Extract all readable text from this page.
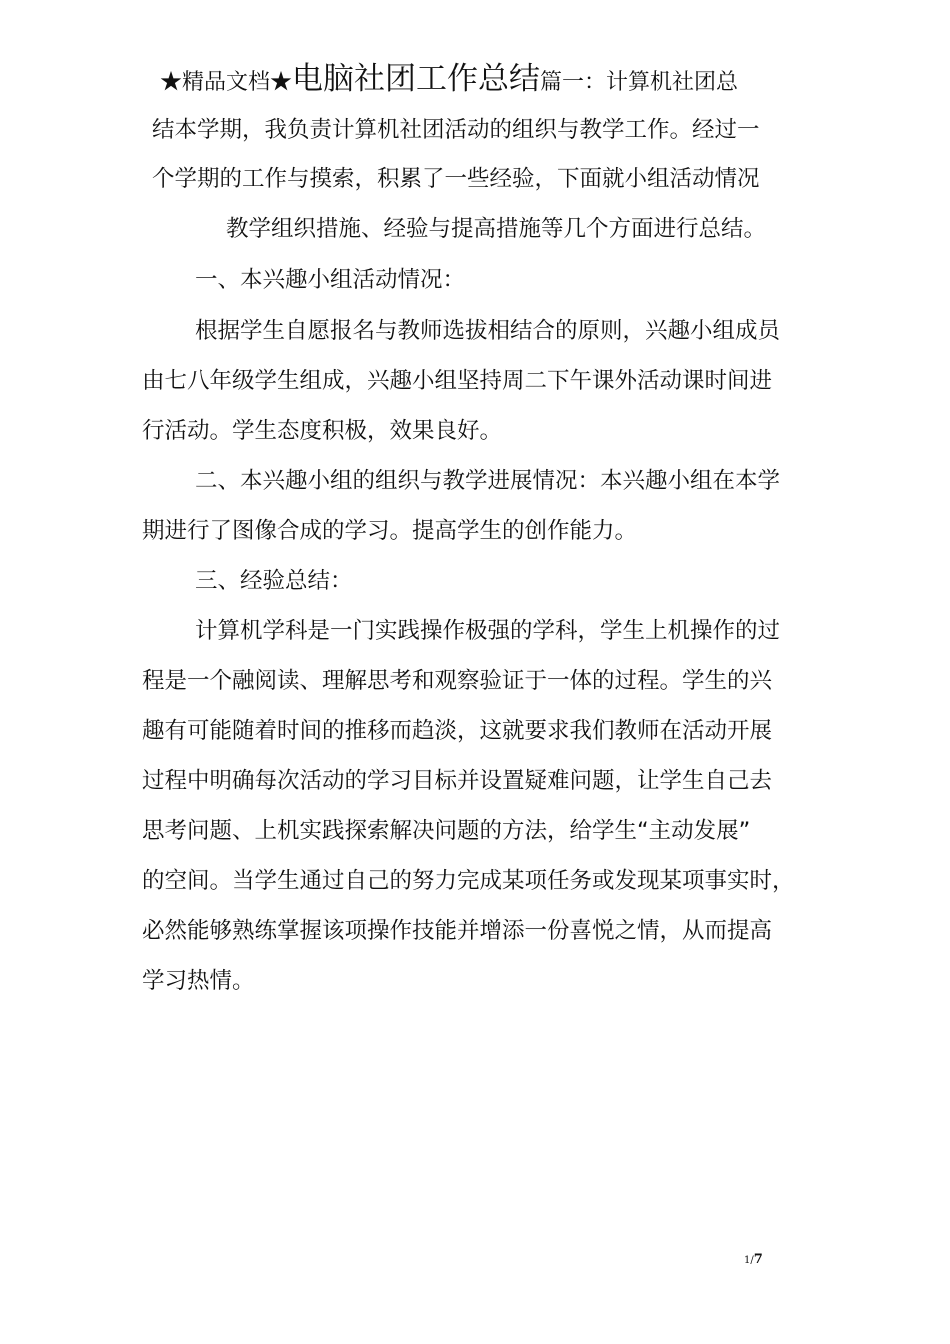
★精品文档★电脑社团工作总结篇一：计算机社团总
结本学期，我负责计算机社团活动的组织与教学工作。经过一
个学期的工作与摸索，积累了一些经验，下面就小组活动情况
教学组织措施、经验与提高措施等几个方面进行总结。
一、本兴趣小组活动情况：
根据学生自愿报名与教师选拔相结合的原则，兴趣小组成员
由七八年级学生组成，兴趣小组坚持周二下午课外活动课时间进
行活动。学生态度积极，效果良好。
二、本兴趣小组的组织与教学进展情况：本兴趣小组在本学
期进行了图像合成的学习。提高学生的创作能力。
三、经验总结：
计算机学科是一门实践操作极强的学科，学生上机操作的过
程是一个融阅读、理解思考和观察验证于一体的过程。学生的兴
趣有可能随着时间的推移而趋淡，这就要求我们教师在活动开展
过程中明确每次活动的学习目标并设置疑难问题，让学生自己去
思考问题、上机实践探索解决问题的方法，给学生“主动发展”
的空间。当学生通过自己的努力完成某项任务或发现某项事实时，
必然能够熟练掌握该项操作技能并增添一份喜悦之情，从而提高
学习热情。
1/7
